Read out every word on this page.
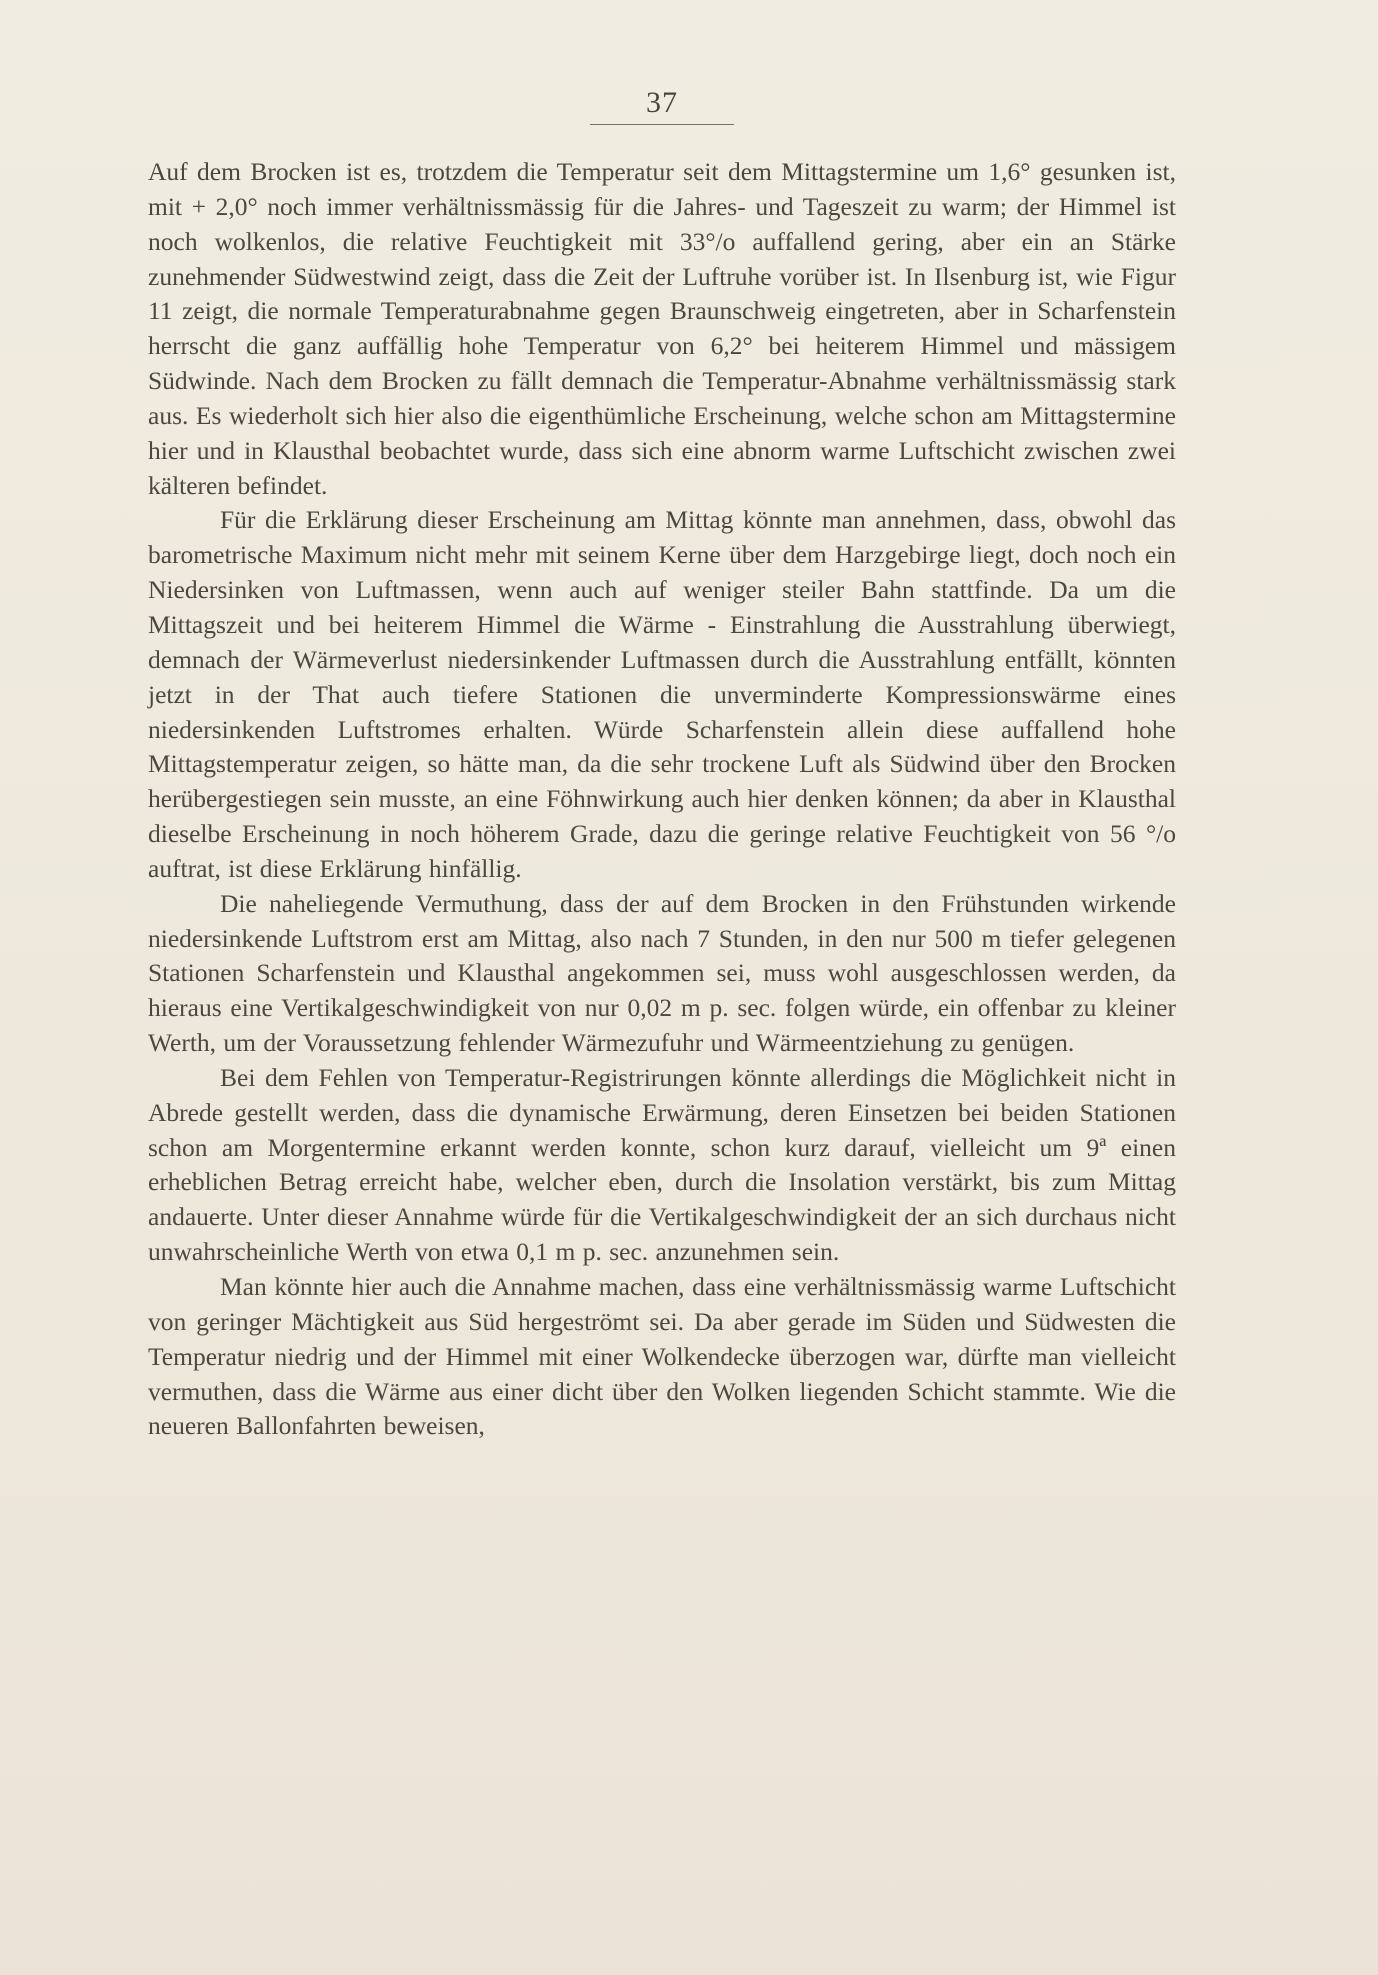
37

Auf dem Brocken ist es, trotzdem die Temperatur seit dem Mittagstermine um 1,6° gesunken ist, mit + 2,0° noch immer verhältnissmässig für die Jahres- und Tageszeit zu warm; der Himmel ist noch wolkenlos, die relative Feuchtigkeit mit 33°/o auffallend gering, aber ein an Stärke zunehmender Südwestwind zeigt, dass die Zeit der Luftruhe vorüber ist. In Ilsenburg ist, wie Figur 11 zeigt, die normale Temperaturabnahme gegen Braunschweig eingetreten, aber in Scharfenstein herrscht die ganz auffällig hohe Temperatur von 6,2° bei heiterem Himmel und mässigem Südwinde. Nach dem Brocken zu fällt demnach die Temperatur-Abnahme verhältnissmässig stark aus. Es wiederholt sich hier also die eigenthümliche Erscheinung, welche schon am Mittagstermine hier und in Klausthal beobachtet wurde, dass sich eine abnorm warme Luftschicht zwischen zwei kälteren befindet.

Für die Erklärung dieser Erscheinung am Mittag könnte man annehmen, dass, obwohl das barometrische Maximum nicht mehr mit seinem Kerne über dem Harzgebirge liegt, doch noch ein Niedersinken von Luftmassen, wenn auch auf weniger steiler Bahn stattfinde. Da um die Mittagszeit und bei heiterem Himmel die Wärme - Einstrahlung die Ausstrahlung überwiegt, demnach der Wärmeverlust niedersinkender Luftmassen durch die Ausstrahlung entfällt, könnten jetzt in der That auch tiefere Stationen die unverminderte Kompressionswärme eines niedersinkenden Luftstromes erhalten. Würde Scharfenstein allein diese auffallend hohe Mittagstemperatur zeigen, so hätte man, da die sehr trockene Luft als Südwind über den Brocken herübergestiegen sein musste, an eine Föhnwirkung auch hier denken können; da aber in Klausthal dieselbe Erscheinung in noch höherem Grade, dazu die geringe relative Feuchtigkeit von 56 °/o auftrat, ist diese Erklärung hinfällig.

Die naheliegende Vermuthung, dass der auf dem Brocken in den Frühstunden wirkende niedersinkende Luftstrom erst am Mittag, also nach 7 Stunden, in den nur 500 m tiefer gelegenen Stationen Scharfenstein und Klausthal angekommen sei, muss wohl ausgeschlossen werden, da hieraus eine Vertikalgeschwindigkeit von nur 0,02 m p. sec. folgen würde, ein offenbar zu kleiner Werth, um der Voraussetzung fehlender Wärmezufuhr und Wärmeentziehung zu genügen.

Bei dem Fehlen von Temperatur-Registrirungen könnte allerdings die Möglichkeit nicht in Abrede gestellt werden, dass die dynamische Erwärmung, deren Einsetzen bei beiden Stationen schon am Morgentermine erkannt werden konnte, schon kurz darauf, vielleicht um 9ª einen erheblichen Betrag erreicht habe, welcher eben, durch die Insolation verstärkt, bis zum Mittag andauerte. Unter dieser Annahme würde für die Vertikalgeschwindigkeit der an sich durchaus nicht unwahrscheinliche Werth von etwa 0,1 m p. sec. anzunehmen sein.

Man könnte hier auch die Annahme machen, dass eine verhältnissmässig warme Luftschicht von geringer Mächtigkeit aus Süd hergeströmt sei. Da aber gerade im Süden und Südwesten die Temperatur niedrig und der Himmel mit einer Wolkendecke überzogen war, dürfte man vielleicht vermuthen, dass die Wärme aus einer dicht über den Wolken liegenden Schicht stammte. Wie die neueren Ballonfahrten beweisen,
